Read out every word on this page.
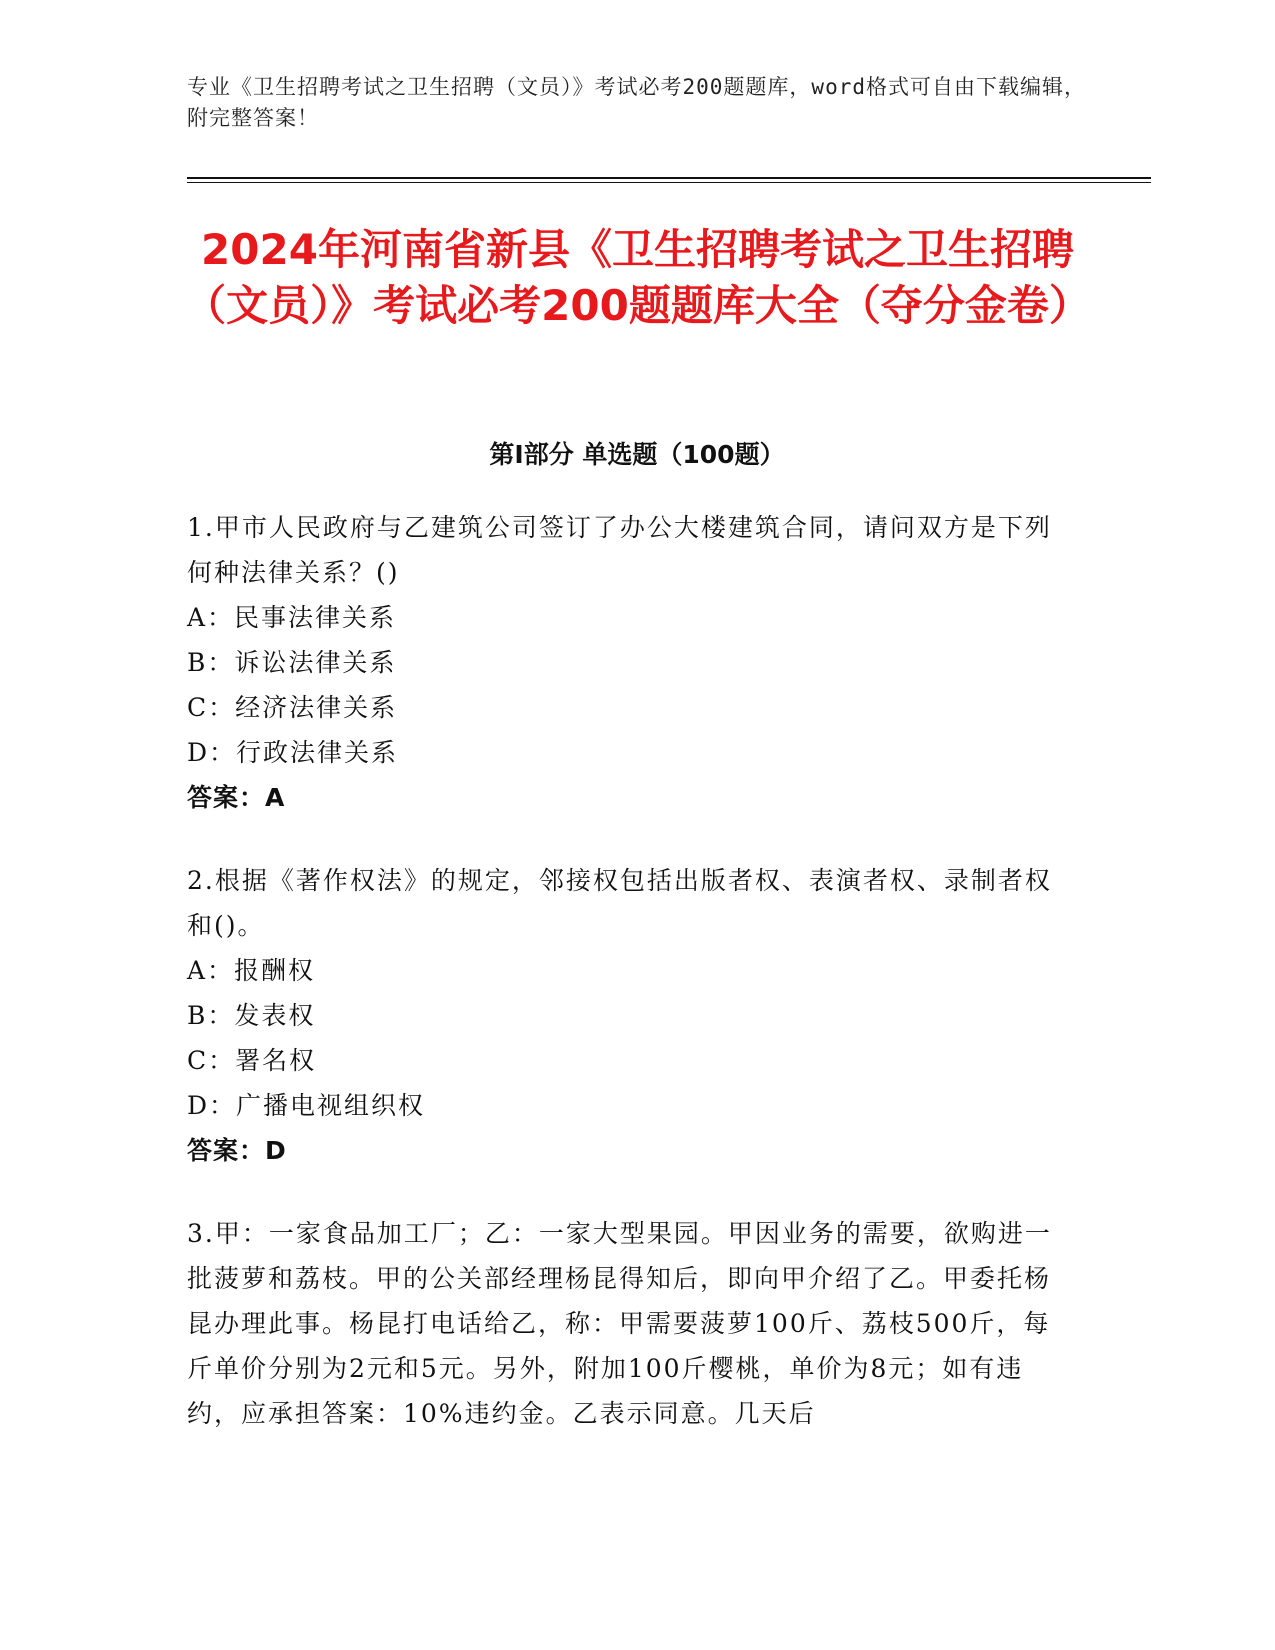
专业《卫生招聘考试之卫生招聘（文员）》考试必考200题题库，word格式可自由下载编辑，附完整答案！
2024年河南省新县《卫生招聘考试之卫生招聘（文员）》考试必考200题题库大全（夺分金卷）
第Ⅰ部分 单选题（100题）

1.甲市人民政府与乙建筑公司签订了办公大楼建筑合同，请问双方是下列何种法律关系？()

A：民事法律关系

B：诉讼法律关系

C：经济法律关系

D：行政法律关系

答案：A

2.根据《著作权法》的规定，邻接权包括出版者权、表演者权、录制者权和()。

A：报酬权

B：发表权

C：署名权

D：广播电视组织权

答案：D

3.甲：一家食品加工厂；乙：一家大型果园。甲因业务的需要，欲购进一批菠萝和荔枝。甲的公关部经理杨昆得知后，即向甲介绍了乙。甲委托杨昆办理此事。杨昆打电话给乙，称：甲需要菠萝100斤、荔枝500斤，每斤单价分别为2元和5元。另外，附加100斤樱桃，单价为8元；如有违约，应承担答案：10%违约金。乙表示同意。几天后
